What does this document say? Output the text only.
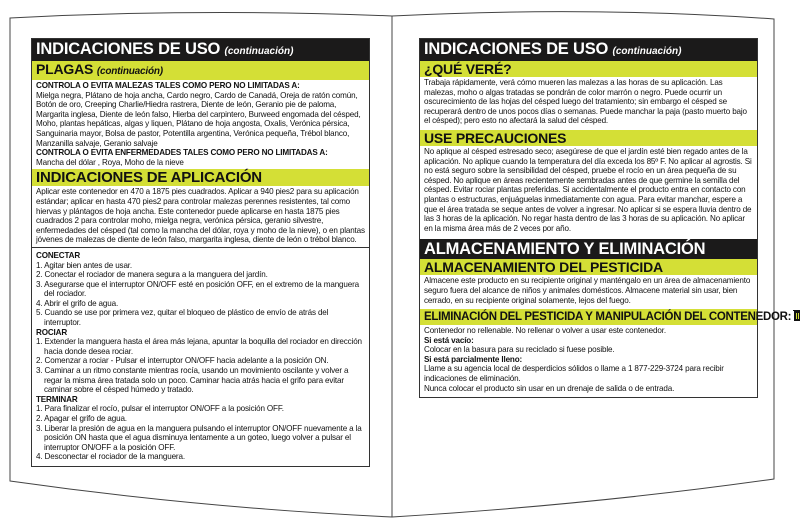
INDICACIONES DE USO (continuación)
PLAGAS (continuación)
CONTROLA O EVITA MALEZAS TALES COMO PERO NO LIMITADAS A:
Mielga negra, Plátano de hoja ancha, Cardo negro, Cardo de Canadá, Oreja de ratón común, Botón de oro, Creeping Charlie/Hiedra rastrera, Diente de león, Geranio pie de paloma, Margarita inglesa, Diente de león falso, Hierba del carpintero, Burweed engomada del césped, Moho, plantas hepáticas, algas y liquen, Plátano de hoja angosta, Oxalis, Verónica pérsica, Sanguinaria mayor, Bolsa de pastor, Potentilla argentina, Verónica pequeña, Trébol blanco, Manzanilla salvaje, Geranio salvaje
CONTROLA O EVITA ENFERMEDADES TALES COMO PERO NO LIMITADAS A:
Mancha del dólar , Roya, Moho de la nieve
INDICACIONES DE APLICACIÓN
Aplicar este contenedor en 470 a 1875 pies cuadrados. Aplicar a 940 pies2 para su aplicación estándar; aplicar en hasta 470 pies2 para controlar malezas perennes resistentes, tal como hiervas y plántagos de hoja ancha. Este contenedor puede aplicarse en hasta 1875 pies cuadrados 2 para controlar moho, mielga negra, verónica pérsica, geranio silvestre, enfermedades del césped (tal como la mancha del dólar, roya y moho de la nieve), o en plantas jóvenes de malezas de diente de león falso, margarita inglesa, diente de león o trébol blanco.
CONECTAR
1. Agitar bien antes de usar.
2. Conectar el rociador de manera segura a la manguera del jardín.
3. Asegurarse que el interruptor ON/OFF esté en posición OFF, en el extremo de la manguera del rociador.
4. Abrir el grifo de agua.
5. Cuando se use por primera vez, quitar el bloqueo de plástico de envío de atrás del interruptor.
ROCIAR
1. Extender la manguera hasta el área más lejana, apuntar la boquilla del rociador en dirección hacia donde desea rociar.
2. Comenzar a rociar - Pulsar el interruptor ON/OFF hacia adelante a la posición ON.
3. Caminar a un ritmo constante mientras rocía, usando un movimiento oscilante y volver a regar la misma área tratada solo un poco. Caminar hacia atrás hacia el grifo para evitar caminar sobre el césped húmedo y tratado.
TERMINAR
1. Para finalizar el rocío, pulsar el interruptor ON/OFF a la posición OFF.
2. Apagar el grifo de agua.
3. Liberar la presión de agua en la manguera pulsando el interruptor ON/OFF nuevamente a la posición ON hasta que el agua disminuya lentamente a un goteo, luego volver a pulsar el interruptor ON/OFF a la posición OFF.
4. Desconectar el rociador de la manguera.
INDICACIONES DE USO (continuación)
¿QUÉ VERÉ?
Trabaja rápidamente, verá cómo mueren las malezas a las horas de su aplicación. Las malezas, moho o algas tratadas se pondrán de color marrón o negro. Puede ocurrir un oscurecimiento de las hojas del césped luego del tratamiento; sin embargo el césped se recuperará dentro de unos pocos días o semanas. Puede manchar la paja (pasto muerto bajo el césped); pero esto no afectará la salud del césped.
USE PRECAUCIONES
No aplique al césped estresado seco; asegúrese de que el jardín esté bien regado antes de la aplicación. No aplique cuando la temperatura del día exceda los 85º F. No aplicar al agrostis. Si no está seguro sobre la sensibilidad del césped, pruebe el rocío en un área pequeña de su césped. No aplique en áreas recientemente sembradas antes de que germine la semilla del césped. Evitar rociar plantas preferidas. Si accidentalmente el producto entra en contacto con plantas o estructuras, enjuáguelas inmediatamente con agua. Para evitar manchar, espere a que el área tratada se seque antes de volver a ingresar. No aplicar si se espera lluvia dentro de las 3 horas de la aplicación. No regar hasta dentro de las 3 horas de su aplicación. No aplicar en la misma área más de 2 veces por año.
ALMACENAMIENTO Y ELIMINACIÓN
ALMACENAMIENTO DEL PESTICIDA
Almacene este producto en su recipiente original y manténgalo en un área de almacenamiento seguro fuera del alcance de niños y animales domésticos. Almacene material sin usar, bien cerrado, en su recipiente original solamente, lejos del fuego.
ELIMINACIÓN DEL PESTICIDA Y MANIPULACIÓN DEL CONTENEDOR:
Contenedor no rellenable. No rellenar o volver a usar este contenedor.
Si está vacío:
Colocar en la basura para su reciclado si fuese posible.
Si está parcialmente lleno:
Llame a su agencia local de desperdicios sólidos o llame a 1 877-229-3724 para recibir indicaciones de eliminación.
Nunca colocar el producto sin usar en un drenaje de salida o de entrada.
